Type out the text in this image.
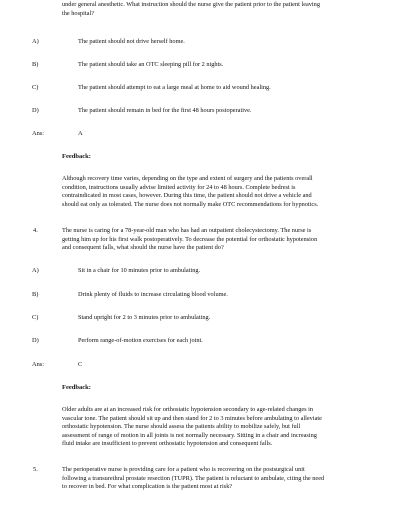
under general anesthetic. What instruction should the nurse give the patient prior to the patient leaving
the hospital?
A)	The patient should not drive herself home.
B)	The patient should take an OTC sleeping pill for 2 nights.
C)	The patient should attempt to eat a large meal at home to aid wound healing.
D)	The patient should remain in bed for the first 48 hours postoperative.
Ans:	A
Feedback:
Although recovery time varies, depending on the type and extent of surgery and the patients overall
condition, instructions usually advise limited activity for 24 to 48 hours. Complete bedrest is
contraindicated in most cases, however. During this time, the patient should not drive a vehicle and
should eat only as tolerated. The nurse does not normally make OTC recommendations for hypnotics.
4.	The nurse is caring for a 78-year-old man who has had an outpatient cholecystectomy. The nurse is
getting him up for his first walk postoperatively. To decrease the potential for orthostatic hypotension
and consequent falls, what should the nurse have the patient do?
A)	Sit in a chair for 10 minutes prior to ambulating.
B)	Drink plenty of fluids to increase circulating blood volume.
C)	Stand upright for 2 to 3 minutes prior to ambulating.
D)	Perform range-of-motion exercises for each joint.
Ans:	C
Feedback:
Older adults are at an increased risk for orthostatic hypotension secondary to age-related changes in
vascular tone. The patient should sit up and then stand for 2 to 3 minutes before ambulating to alleviate
orthostatic hypotension. The nurse should assess the patients ability to mobilize safely, but full
assessment of range of motion in all joints is not normally necessary. Sitting in a chair and increasing
fluid intake are insufficient to prevent orthostatic hypotension and consequent falls.
5.	The perioperative nurse is providing care for a patient who is recovering on the postsurgical unit
following a transurethral prostate resection (TUPR). The patient is reluctant to ambulate, citing the need
to recover in bed. For what complication is the patient most at risk?
